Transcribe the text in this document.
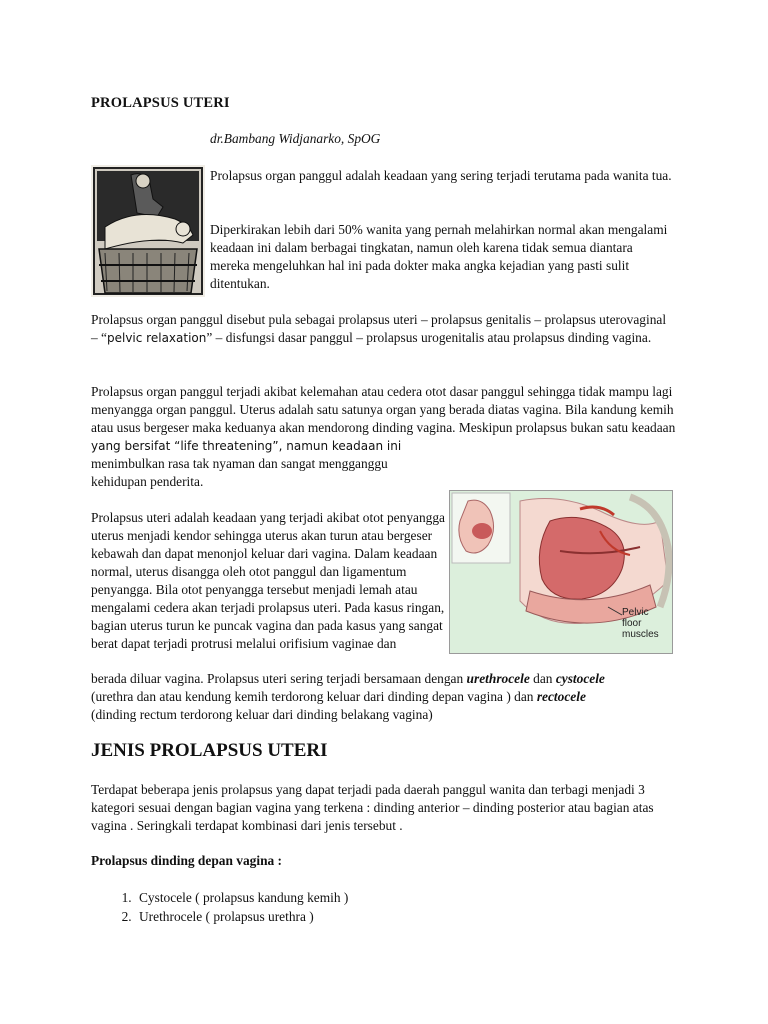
PROLAPSUS UTERI
dr.Bambang Widjanarko, SpOG

Prolapsus organ panggul adalah keadaan yang sering terjadi terutama pada wanita tua.

Diperkirakan lebih dari 50% wanita yang pernah melahirkan normal akan mengalami keadaan ini dalam berbagai tingkatan, namun oleh karena tidak semua diantara mereka mengeluhkan hal ini pada dokter maka angka kejadian yang pasti sulit ditentukan.

Prolapsus organ panggul disebut pula sebagai prolapsus uteri – prolapsus genitalis – prolapsus uterovaginal – “pelvic relaxation” – disfungsi dasar panggul – prolapsus urogenitalis atau prolapsus dinding vagina.

Prolapsus organ panggul terjadi akibat kelemahan atau cedera otot dasar panggul sehingga tidak mampu lagi menyangga organ panggul. Uterus adalah satu satunya organ yang berada diatas vagina. Bila kandung kemih atau usus bergeser maka keduanya akan mendorong dinding vagina. Meskipun prolapsus bukan satu keadaan yang bersifat “life threatening”, namun keadaan ini

menimbulkan rasa tak nyaman dan sangat mengganggu
kehidupan penderita.

Prolapsus uteri adalah keadaan yang terjadi akibat otot penyangga uterus menjadi kendor sehingga uterus akan turun atau bergeser kebawah dan dapat menonjol keluar dari vagina. Dalam keadaan normal, uterus disangga oleh otot panggul dan ligamentum penyangga. Bila otot penyangga tersebut menjadi lemah atau mengalami cedera akan terjadi prolapsus uteri. Pada kasus ringan, bagian uterus turun ke puncak vagina dan pada kasus yang sangat berat dapat terjadi protrusi melalui orifisium vaginae dan

Pelvic floor muscles

berada diluar vagina. Prolapsus uteri sering terjadi bersamaan dengan urethrocele dan cystocele

(urethra dan atau kendung kemih terdorong keluar dari dinding depan vagina ) dan rectocele

(dinding rectum terdorong keluar dari dinding belakang vagina)

JENIS PROLAPSUS UTERI

Terdapat beberapa jenis prolapsus yang dapat terjadi pada daerah panggul wanita dan terbagi menjadi 3 kategori sesuai dengan bagian vagina yang terkena : dinding anterior – dinding posterior atau bagian atas vagina . Seringkali terdapat kombinasi dari jenis tersebut .

Prolapsus dinding depan vagina :

1. Cystocele ( prolapsus kandung kemih )
2. Urethrocele ( prolapsus urethra )
